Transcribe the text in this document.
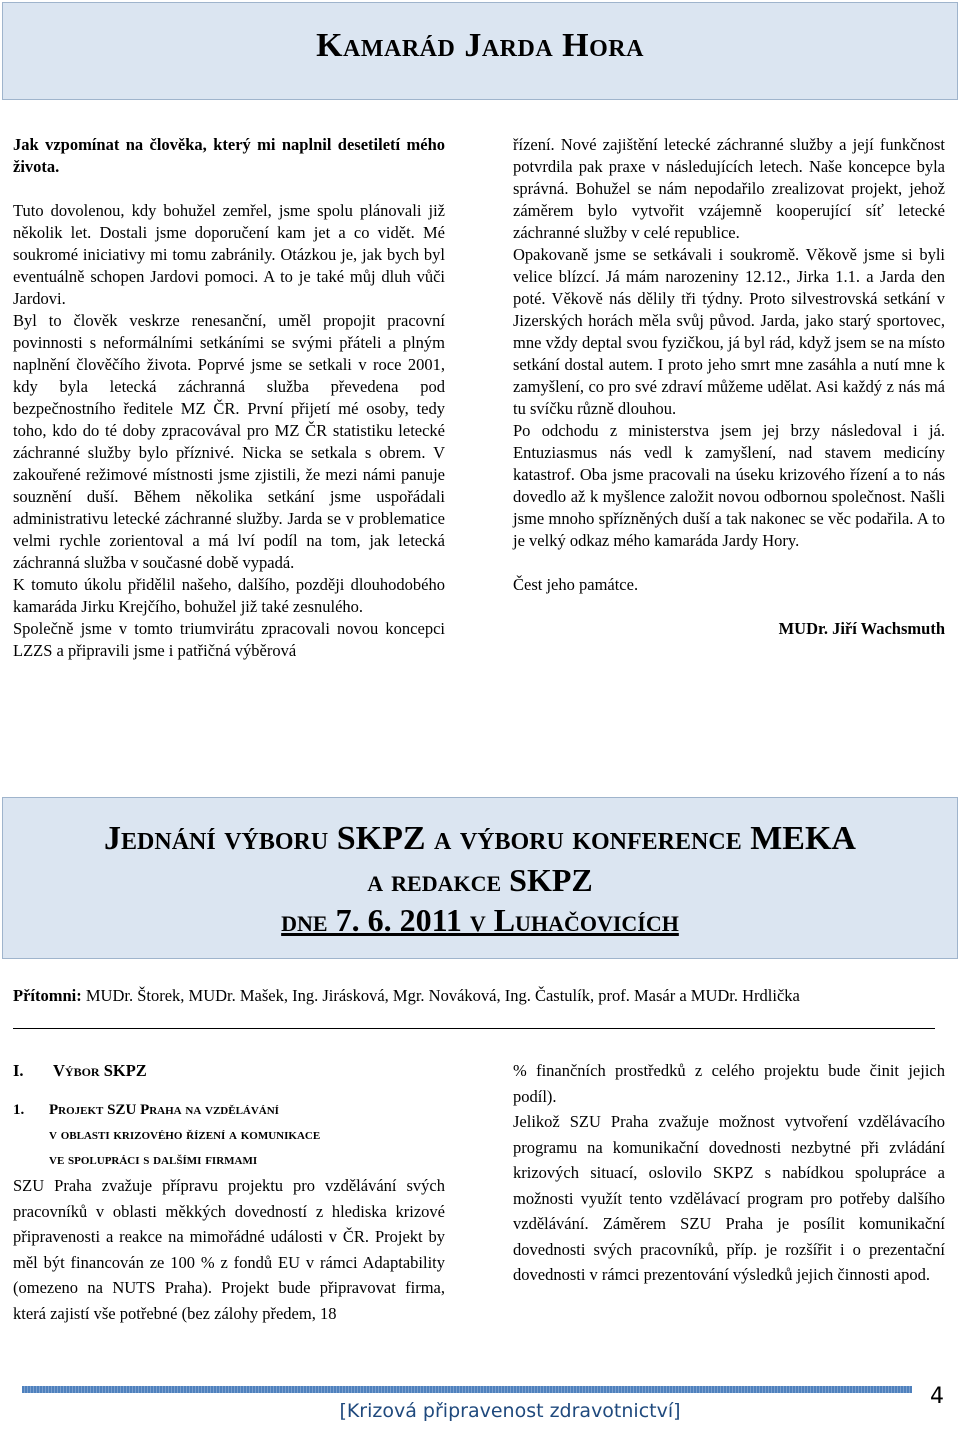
Kamarád Jarda Hora

Jak vzpomínat na člověka, který mi naplnil desetiletí mého života.

Tuto dovolenou, kdy bohužel zemřel, jsme spolu plánovali již několik let. Dostali jsme doporučení kam jet a co vidět. Mé soukromé iniciativy mi tomu zabránily. Otázkou je, jak bych byl eventuálně schopen Jardovi pomoci. A to je také můj dluh vůči Jardovi.

Byl to člověk veskrze renesanční, uměl propojit pracovní povinnosti s neformálními setkáními se svými přáteli a plným naplnění člověčího života. Poprvé jsme se setkali v roce 2001, kdy byla letecká záchranná služba převedena pod bezpečnostního ředitele MZ ČR. První přijetí mé osoby, tedy toho, kdo do té doby zpracovával pro MZ ČR statistiku letecké záchranné služby bylo příznivé. Nicka se setkala s obrem. V zakouřené režimové místnosti jsme zjistili, že mezi námi panuje souznění duší. Během několika setkání jsme uspořádali administrativu letecké záchranné služby. Jarda se v problematice velmi rychle zorientoval a má lví podíl na tom, jak letecká záchranná služba v současné době vypadá.

K tomuto úkolu přidělil našeho, dalšího, později dlouhodobého kamaráda Jirku Krejčího, bohužel již také zesnulého.

Společně jsme v tomto triumvirátu zpracovali novou koncepci LZZS a připravili jsme i patřičná výběrová

řízení. Nové zajištění letecké záchranné služby a její funkčnost potvrdila pak praxe v následujících letech. Naše koncepce byla správná. Bohužel se nám nepodařilo zrealizovat projekt, jehož záměrem bylo vytvořit vzájemně kooperující síť letecké záchranné služby v celé republice.

Opakovaně jsme se setkávali i soukromě. Věkově jsme si byli velice blízcí. Já mám narozeniny 12.12., Jirka 1.1. a Jarda den poté. Věkově nás dělily tři týdny. Proto silvestrovská setkání v Jizerských horách měla svůj původ. Jarda, jako starý sportovec, mne vždy deptal svou fyzičkou, já byl rád, když jsem se na místo setkání dostal autem. I proto jeho smrt mne zasáhla a nutí mne k zamyšlení, co pro své zdraví můžeme udělat. Asi každý z nás má tu svíčku různě dlouhou.

Po odchodu z ministerstva jsem jej brzy následoval i já. Entuziasmus nás vedl k zamyšlení, nad stavem medicíny katastrof. Oba jsme pracovali na úseku krizového řízení a to nás dovedlo až k myšlence založit novou odbornou společnost. Našli jsme mnoho spřízněných duší a tak nakonec se věc podařila. A to je velký odkaz mého kamaráda Jardy Hory.

Čest jeho památce.

MUDr. Jiří Wachsmuth

Jednání výboru SKPZ a výboru konference MEKA
a redakce SKPZ
dne 7. 6. 2011 v Luhačovicích
Přítomni: MUDr. Štorek, MUDr. Mašek, Ing. Jirásková, Mgr. Nováková, Ing. Častulík, prof. Masár a MUDr. Hrdlička

I. Výbor SKPZ

1. Projekt SZU Praha na vzdělávání

v oblasti krizového řízení a komunikace

ve spolupráci s dalšími firmami

SZU Praha zvažuje přípravu projektu pro vzdělávání svých pracovníků v oblasti měkkých dovedností z hlediska krizové připravenosti a reakce na mimořádné události v ČR. Projekt by měl být financován ze 100 % z fondů EU v rámci Adaptability (omezeno na NUTS Praha). Projekt bude připravovat firma, která zajistí vše potřebné (bez zálohy předem, 18

% finančních prostředků z celého projektu bude činit jejich podíl).

Jelikož SZU Praha zvažuje možnost vytvoření vzdělávacího programu na komunikační dovednosti nezbytné při zvládání krizových situací, oslovilo SKPZ s nabídkou spolupráce a možnosti využít tento vzdělávací program pro potřeby dalšího vzdělávání. Záměrem SZU Praha je posílit komunikační dovednosti svých pracovníků, příp. je rozšířit i o prezentační dovednosti v rámci prezentování výsledků jejich činnosti apod.

[Krizová připravenost zdravotnictví]
4
